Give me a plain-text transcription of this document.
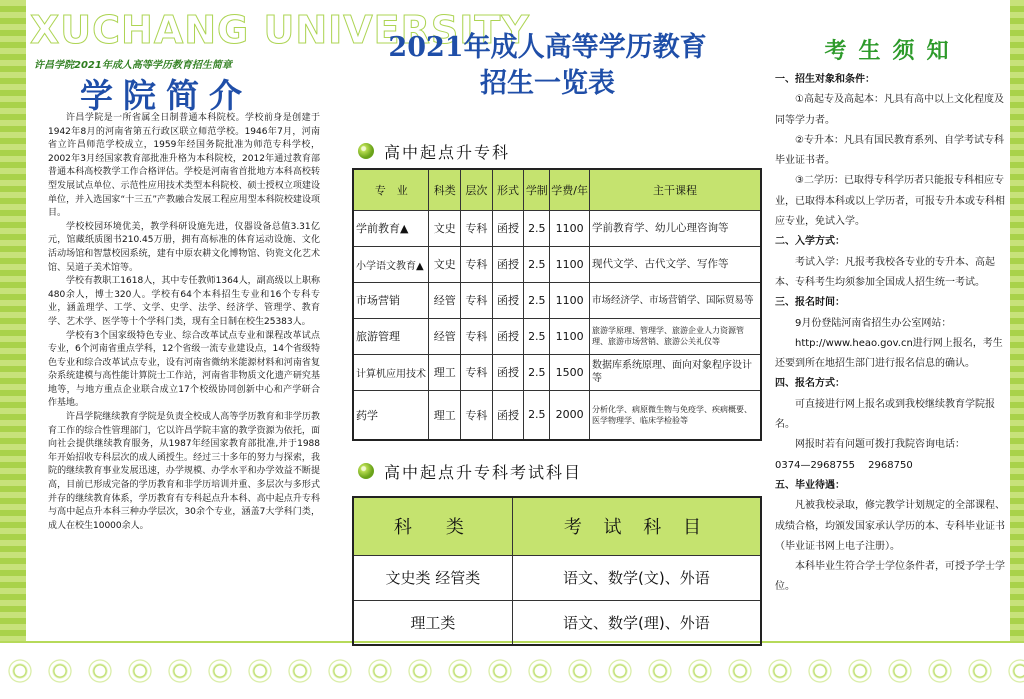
XUCHANG UNIVERSITY
许昌学院2021年成人高等学历教育招生简章
学院简介

许昌学院是一所省属全日制普通本科院校。学校前身是创建于1942年8月的河南省第五行政区联立师范学校。1946年7月，河南省立许昌师范学校成立，1959年经国务院批准为师范专科学校，2002年3月经国家教育部批准升格为本科院校，2012年通过教育部普通本科高校教学工作合格评估。学校是河南省首批地方本科高校转型发展试点单位、示范性应用技术类型本科院校、硕士授权立项建设单位，并入选国家“十三五”产教融合发展工程应用型本科院校建设项目。

学校校园环境优美，教学科研设施先进，仪器设备总值3.31亿元，馆藏纸质图书210.45万册，拥有高标准的体育运动设施、文化活动场馆和智慧校园系统，建有中原农耕文化博物馆、钧瓷文化艺术馆、吴道子美术馆等。

学校有教职工1618人，其中专任教师1364人，副高级以上职称480余人，博士320人。学校有64个本科招生专业和16个专科专业，涵盖理学、工学、文学、史学、法学、经济学、管理学、教育学、艺术学、医学等十个学科门类，现有全日制在校生25383人。

学校有3个国家级特色专业、综合改革试点专业和课程改革试点专业，6个河南省重点学科，12个省级一流专业建设点，14个省级特色专业和综合改革试点专业，设有河南省微纳米能源材料和河南省复杂系统建模与高性能计算院士工作站，河南省非物质文化遗产研究基地等，与地方重点企业联合成立17个校级协同创新中心和产学研合作基地。

许昌学院继续教育学院是负责全校成人高等学历教育和非学历教育工作的综合性管理部门，它以许昌学院丰富的教学资源为依托，面向社会提供继续教育服务，从1987年经国家教育部批准,并于1988年开始招收专科层次的成人函授生。经过三十多年的努力与探索，我院的继续教育事业发展迅速，办学规模、办学水平和办学效益不断提高，目前已形成完备的学历教育和非学历培训并重、多层次与多形式并存的继续教育体系，学历教育有专科起点升本科、高中起点升专科与高中起点升本科三种办学层次，30余个专业，涵盖7大学科门类，成人在校生10000余人。

2021年成人高等学历教育
招生一览表
高中起点升专科
专　业	科类	层次	形式	学制	学费/年	主干课程
学前教育▲	文史	专科	函授	2.5	1100	学前教育学、幼儿心理咨询等
小学语文教育▲	文史	专科	函授	2.5	1100	现代文学、古代文学、写作等
市场营销	经管	专科	函授	2.5	1100	市场经济学、市场营销学、国际贸易等
旅游管理	经管	专科	函授	2.5	1100	旅游学原理、管理学、旅游企业人力资源管理、旅游市场营销、旅游公关礼仪等
计算机应用技术	理工	专科	函授	2.5	1500	数据库系统原理、面向对象程序设计等
药学	理工	专科	函授	2.5	2000	分析化学、病原微生物与免疫学、疾病概要、医学物理学、临床学检验等
高中起点升专科考试科目
科　类	考 试 科 目
文史类 经管类	语文、数学(文)、外语
理工类	语文、数学(理)、外语
考生须知
一、招生对象和条件：
①高起专及高起本：凡具有高中以上文化程度及同等学力者。
②专升本：凡具有国民教育系列、自学考试专科毕业证书者。
③二学历：已取得专科学历者只能报专科相应专业，已取得本科或以上学历者，可报专升本或专科相应专业，免试入学。
二、入学方式：
考试入学：凡报考我校各专业的专升本、高起本、专科考生均须参加全国成人招生统一考试。
三、报名时间：
9月份登陆河南省招生办公室网站：
http://www.heao.gov.cn进行网上报名，考生还要到所在地招生部门进行报名信息的确认。
四、报名方式：
可直接进行网上报名或到我校继续教育学院报名。
网报时若有问题可拨打我院咨询电话：
0374—2968755　 2968750
五、毕业待遇：
凡被我校录取，修完教学计划规定的全部课程、成绩合格，均颁发国家承认学历的本、专科毕业证书（毕业证书网上电子注册）。
本科毕业生符合学士学位条件者，可授予学士学位。
